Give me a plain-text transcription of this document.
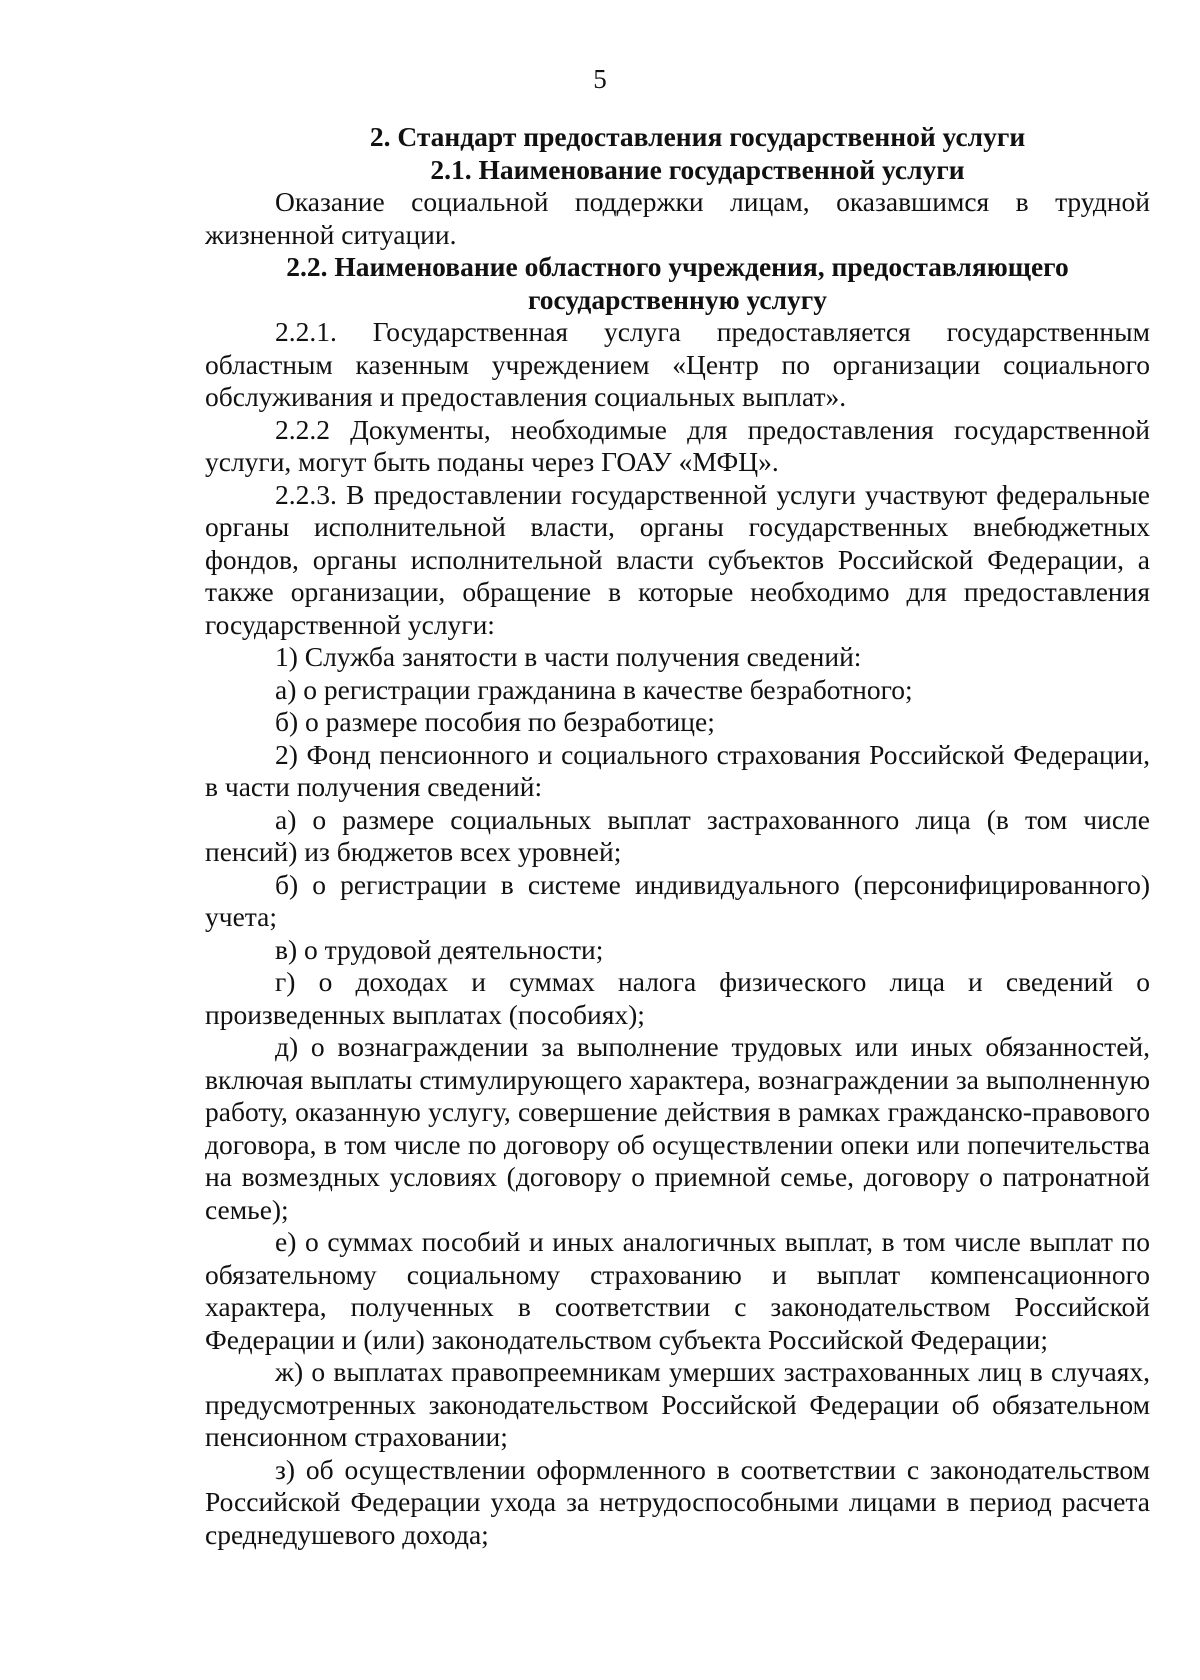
5

2. Стандарт предоставления государственной услуги

2.1. Наименование государственной услуги

Оказание социальной поддержки лицам, оказавшимся в трудной жизненной ситуации.

2.2. Наименование областного учреждения, предоставляющего государственную услугу

2.2.1. Государственная услуга предоставляется государственным областным казенным учреждением «Центр по организации социального обслуживания и предоставления социальных выплат».

2.2.2 Документы, необходимые для предоставления государственной услуги, могут быть поданы через ГОАУ «МФЦ».

2.2.3. В предоставлении государственной услуги участвуют федеральные органы исполнительной власти, органы государственных внебюджетных фондов, органы исполнительной власти субъектов Российской Федерации, а также организации, обращение в которые необходимо для предоставления государственной услуги:

1) Служба занятости в части получения сведений:

а) о регистрации гражданина в качестве безработного;

б) о размере пособия по безработице;

2) Фонд пенсионного и социального страхования Российской Федерации, в части получения сведений:

а) о размере социальных выплат застрахованного лица (в том числе пенсий) из бюджетов всех уровней;

б) о регистрации в системе индивидуального (персонифицированного) учета;

в) о трудовой деятельности;

г) о доходах и суммах налога физического лица и сведений о произведенных выплатах (пособиях);

д) о вознаграждении за выполнение трудовых или иных обязанностей, включая выплаты стимулирующего характера, вознаграждении за выполненную работу, оказанную услугу, совершение действия в рамках гражданско-правового договора, в том числе по договору об осуществлении опеки или попечительства на возмездных условиях (договору о приемной семье, договору о патронатной семье);

е) о суммах пособий и иных аналогичных выплат, в том числе выплат по обязательному социальному страхованию и выплат компенсационного характера, полученных в соответствии с законодательством Российской Федерации и (или) законодательством субъекта Российской Федерации;

ж) о выплатах правопреемникам умерших застрахованных лиц в случаях, предусмотренных законодательством Российской Федерации об обязательном пенсионном страховании;

з) об осуществлении оформленного в соответствии с законодательством Российской Федерации ухода за нетрудоспособными лицами в период расчета среднедушевого дохода;
